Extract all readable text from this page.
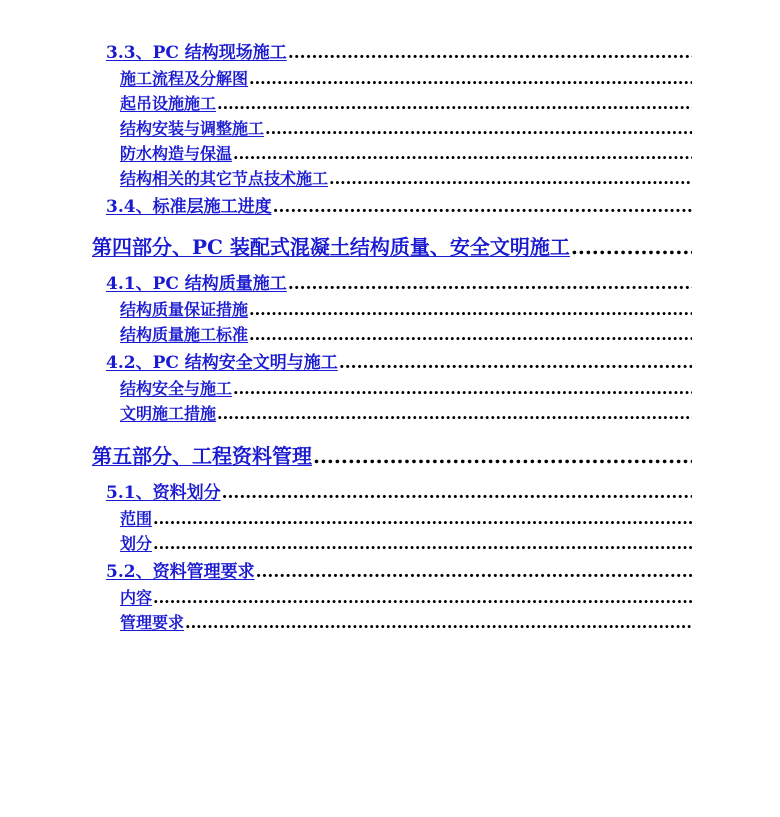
3.3、PC 结构现场施工
.....
施工流程及分解图
.....
起吊设施施工
.....
结构安装与调整施工
.....
防水构造与保温
.....
结构相关的其它节点技术施工
.....
3.4、标准层施工进度
.....
第四部分、PC 装配式混凝土结构质量、安全文明施工
.....
4.1、PC 结构质量施工
.....
结构质量保证措施
.....
结构质量施工标准
.....
4.2、PC 结构安全文明与施工
.....
结构安全与施工
.....
文明施工措施
.....
第五部分、工程资料管理
.....
5.1、资料划分
.....
范围
.....
划分
.....
5.2、资料管理要求
.....
内容
.....
管理要求
.....
